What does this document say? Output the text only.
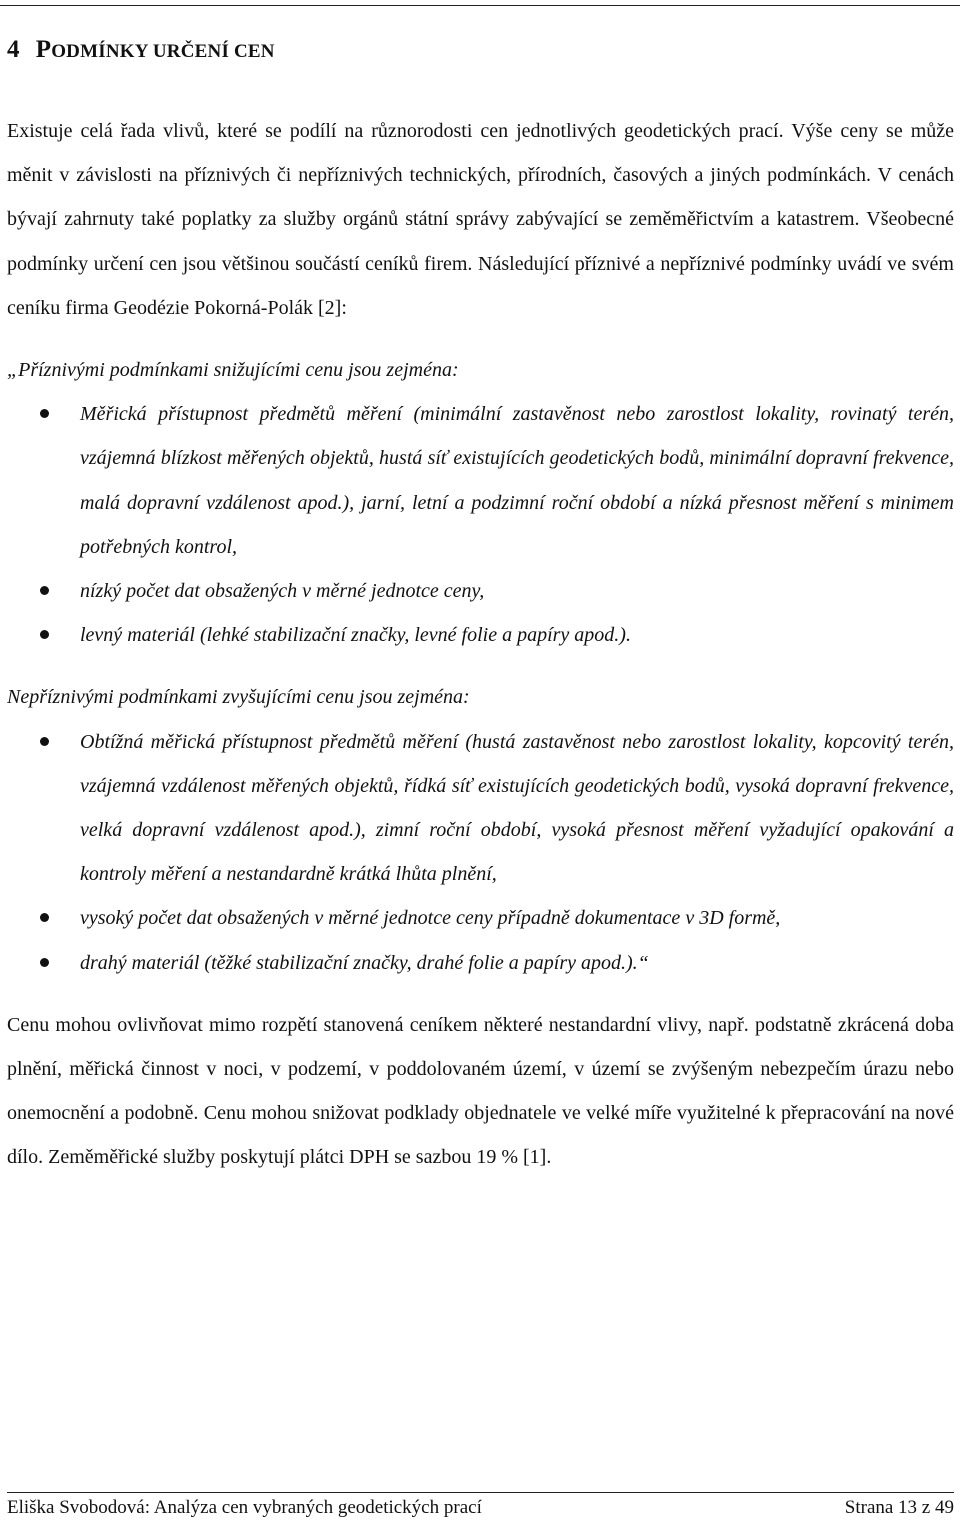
4 PODMÍNKY URČENÍ CEN

Existuje celá řada vlivů, které se podílí na různorodosti cen jednotlivých geodetických prací. Výše ceny se může měnit v závislosti na příznivých či nepříznivých technických, přírodních, časových a jiných podmínkách. V cenách bývají zahrnuty také poplatky za služby orgánů státní správy zabývající se zeměměřictvím a katastrem. Všeobecné podmínky určení cen jsou většinou součástí ceníků firem. Následující příznivé a nepříznivé podmínky uvádí ve svém ceníku firma Geodézie Pokorná-Polák [2]:

„Příznivými podmínkami snižujícími cenu jsou zejména:

Měřická přístupnost předmětů měření (minimální zastavěnost nebo zarostlost lokality, rovinatý terén, vzájemná blízkost měřených objektů, hustá síť existujících geodetických bodů, minimální dopravní frekvence, malá dopravní vzdálenost apod.), jarní, letní a podzimní roční období a nízká přesnost měření s minimem potřebných kontrol,
nízký počet dat obsažených v měrné jednotce ceny,
levný materiál (lehké stabilizační značky, levné folie a papíry apod.).

Nepříznivými podmínkami zvyšujícími cenu jsou zejména:

Obtížná měřická přístupnost předmětů měření (hustá zastavěnost nebo zarostlost lokality, kopcovitý terén, vzájemná vzdálenost měřených objektů, řídká síť existujících geodetických bodů, vysoká dopravní frekvence, velká dopravní vzdálenost apod.), zimní roční období, vysoká přesnost měření vyžadující opakování a kontroly měření a nestandardně krátká lhůta plnění,
vysoký počet dat obsažených v měrné jednotce ceny případně dokumentace v 3D formě,
drahý materiál (těžké stabilizační značky, drahé folie a papíry apod.).“

Cenu mohou ovlivňovat mimo rozpětí stanovená ceníkem některé nestandardní vlivy, např. podstatně zkrácená doba plnění, měřická činnost v noci, v podzemí, v poddolovaném území, v území se zvýšeným nebezpečím úrazu nebo onemocnění a podobně. Cenu mohou snižovat podklady objednatele ve velké míře využitelné k přepracování na nové dílo. Zeměměřické služby poskytují plátci DPH se sazbou 19 % [1].

Eliška Svobodová: Analýza cen vybraných geodetických prací	Strana 13 z 49
